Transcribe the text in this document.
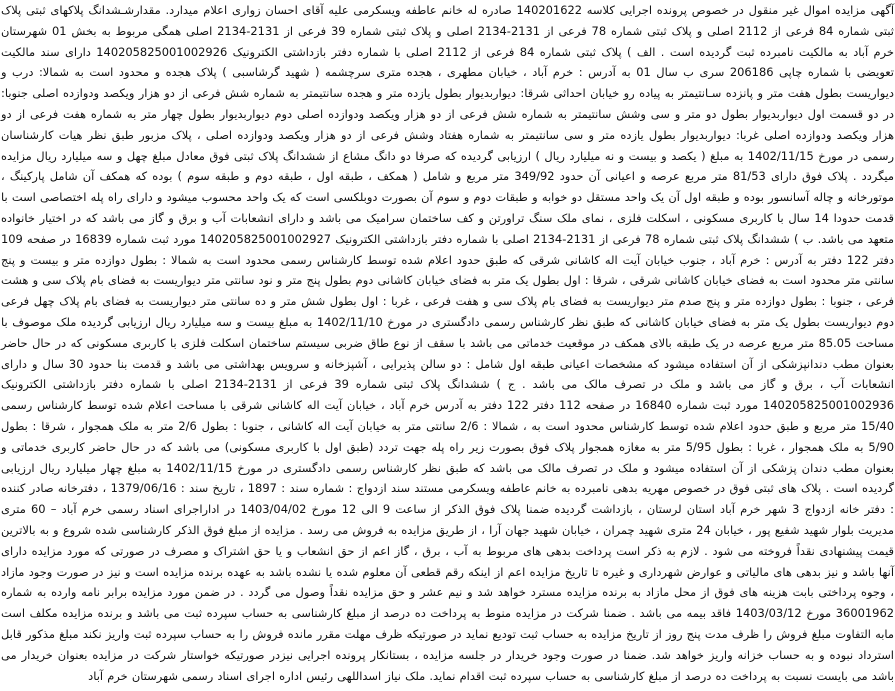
آگهی مزایده اموال غیر منقول در خصوص پرونده اجرایی کلاسه 140201622 صادره له خانم عاطفه ویسکرمی علیه آقای احسان زواری اعلام میدارد. مقدارشـشدانگ پلاکهای ثبتی پلاک ثبتی شماره 84 فرعی از 2112 اصلی و پلاک ثبتی شماره 78 فرعی از 2131-2134 اصلی و پلاک ثبتی شماره 39 فرعی از 2131-2134 اصلی همگی مربوط به بخش 01 شهرستان خرم آباد به مالکیت نامبرده ثبت گردیده است . الف ) پلاک ثبتی شماره 84 فرعی از 2112 اصلی با شماره دفتر بازداشتی الکترونیک 140205825001002926 دارای سند مالکیت تعویضی با شماره چاپی 206186 سری ب سال 01 به آدرس : خرم آباد ، خیابان مطهری ، هجده متری سرچشمه ( شهید گرشاسبی ) پلاک هجده و محدود است به شمالا: درب و دیواریست بطول هفت متر و پانزده سـانتیمتر به پیاده رو خیابان احداثی شرقا: دیواربدیوار بطول یازده متر و هجده سانتیمتر به شماره شش فرعی از دو هزار ویکصد ودوازده اصلی جنوبا: در دو قسمت اول دیواربدیوار بطول دو متر و سی وشش سانتیمتر به شماره شش فرعی از دو هزار ویکصد ودوازده اصلی دوم دیواربدیوار بطول چهار متر به شماره هفت فرعی از دو هزار ویکصد ودوازده اصلی غربا: دیواربدیوار بطول یازده متر و سی سانتیمتر به شماره هفتاد وشش فرعی از دو هزار ویکصد ودوازده اصلی ، پلاک مزبور طبق نظر هیات کارشناسان رسمی در مورخ 1402/11/15 به مبلغ ( یکصد و بیست و نه میلیارد ریال ) ارزیابی گردیده که صرفا دو دانگ مشاع از ششدانگ پلاک ثبتی فوق معادل مبلغ چهل و سه میلیارد ریال مزایده میگردد . پلاک فوق دارای 81/53 متر مربع عرصه و اعیانی آن حدود 349/92 متر مربع و شامل ( همکف ، طبقه اول ، طبقه دوم و طبقه سوم ) بوده که همکف آن شامل پارکینگ ، موتورخانه و چاله آسانسور بوده و طبقه اول آن یک واحد مستقل دو خوابه و طبقات دوم و سوم آن بصورت دوبلکسی است که یک واحد محسوب میشود و دارای راه پله اختصاصی است با قدمت حدودا 14 سال با کاربری مسکونی ، اسکلت فلزی ، نمای ملک سنگ تراورتن و کف ساختمان سرامیک می باشد و دارای انشعابات آب و برق و گاز می باشد که در اختیار خانواده متعهد می باشد. ب ) ششدانگ پلاک ثبتی شماره 78 فرعی از 2131-2134 اصلی با شماره دفتر بازداشتی الکترونیک 140205825001002927 مورد ثبت شماره 16839 در صفحه 109 دفتر 122 دفتر به آدرس : خرم آباد ، جنوب خیابان آیت اله کاشانی شرقی که طبق حدود اعلام شده توسط کارشناس رسمی محدود است به شمالا : بطول دوازده متر و بیست و پنج سانتی متر محدود است به فضای خیابان کاشانی شرقی ، شرقا : اول بطول یک متر به فضای خیابان کاشانی دوم بطول پنج متر و نود سانتی متر دیواریست به فضای بام پلاک سی و هشت فرعی ، جنوبا : بطول دوازده متر و پنج صدم متر دیواریست به فضای بام پلاک سی و هفت فرعی ، غربا : اول بطول شش متر و ده سانتی متر دیواریست به فضای بام پلاک چهل فرعی دوم دیواریست بطول یک متر به فضای خیابان کاشانی که طبق نظر کارشناس رسمی دادگستری در مورخ 1402/11/10 به مبلغ بیست و سه میلیارد ریال ارزیابی گردیده ملک موصوف با مساحت 85.05 متر مربع عرصه در یک طبقه بالای همکف در موقعیت خدماتی می باشد با سقف از نوع طاق ضربی سیستم ساختمان اسکلت فلزی با کاربری مسکونی که در حال حاضر بعنوان مطب دندانپزشکی از آن استفاده میشود که مشخصات اعیانی طبقه اول شامل : دو سالن پذیرایی ، آشپزخانه و سرویس بهداشتی می باشد و قدمت بنا حدود 30 سال و دارای انشعابات آب ، برق و گاز می باشد و ملک در تصرف مالک می باشد . ج ) ششدانگ پلاک ثبتی شماره 39 فرعی از 2131-2134 اصلی با شماره دفتر بازداشتی الکترونیک 140205825001002936 مورد ثبت شماره 16840 در صفحه 112 دفتر 122 دفتر به آدرس خرم آباد ، خیابان آیت اله کاشانی شرقی با مساحت اعلام شده توسط کارشناس رسمی 15/40 متر مربع و طبق حدود اعلام شده توسط کارشناس محدود است به ، شمالا : 2/6 سانتی متر به خیابان آیت اله کاشانی ، جنوبا : بطول 2/6 متر به ملک همجوار ، شرقا : بطول 5/90 به ملک همجوار ، غربا : بطول 5/95 متر به مغازه همجوار پلاک فوق بصورت زیر راه پله جهت تردد (طبق اول با کاربری مسکونی) می باشد که در حال حاضر کاربری خدماتی و بعنوان مطب دندان پزشکی از آن استفاده میشود و ملک در تصرف مالک می باشد که طبق نظر کارشناس رسمی دادگستری در مورخ 1402/11/15 به مبلغ چهار میلیارد ریال ارزیابی گردیده است . پلاک های ثبتی فوق در خصوص مهریه بدهی نامبرده به خانم عاطفه ویسکرمی مستند سند ازدواج : شماره سند : 1897 ، تاریخ سند : 1379/06/16 ، دفترخانه صادر کننده : دفتر خانه ازدواج 3 شهر خرم آباد استان لرستان ، بازداشت گردیده ضمنا پلاک فوق الذکر از ساعت 9 الی 12 مورخ 1403/04/02 در اداراجرای اسناد رسمی خرم آباد – 60 متری مدیریت بلوار شهید شفیع پور ، خیابان 24 متری شهید چمران ، خیابان شهید جهان آرا ، از طریق مزایده به فروش می رسد . مزایده از مبلغ فوق الذکر کارشناسی شده شروع و به بالاترین قیمت پیشنهادی نقداً فروخته می شود . لازم به ذکر است پرداخت بدهی های مربوط به آب ، برق ، گاز اعم از حق انشعاب و یا حق اشتراک و مصرف در صورتی که مورد مزایده دارای آنها باشد و نیز بدهی های مالیاتی و عوارض شهرداری و غیره تا تاریخ مزایده اعم از اینکه رقم قطعی آن معلوم شده یا نشده باشد به عهده برنده مزایده است و نیز در صورت وجود مازاد ، وجوه پرداختی بابت هزینه های فوق از محل مازاد به برنده مزایده مسترد خواهد شد و نیم عشر و حق مزایده نقداً وصول می گردد . در ضمن مورد مزایده برابر نامه وارده به شماره 36001962 مورخ 1403/03/12 فاقد بیمه می باشد . ضمنا شرکت در مزایده منوط به پرداخت ده درصد از مبلغ کارشناسی به حساب سپرده ثبت می باشد و برنده مزایده مکلف است مابه التفاوت مبلغ فروش را ظرف مدت پنج روز از تاریخ مزایده به حساب ثبت تودیع نماید در صورتیکه ظرف مهلت مقرر مانده فروش را به حساب سپرده ثبت واریز نکند مبلغ مذکور قابل استرداد نبوده و به حساب خزانه واریز خواهد شد. ضمنا در صورت وجود خریدار در جلسه مزایده ، بستانکار پرونده اجرایی نیزدر صورتیکه خواستار شرکت در مزایده بعنوان خریدار می باشد می بایست نسبت به پرداخت ده درصد از مبلغ کارشناسی به حساب سپرده ثبت اقدام نماید. ملک نیاز اسداللهی رئیس اداره اجرای اسناد رسمی شهرستان خرم آباد
